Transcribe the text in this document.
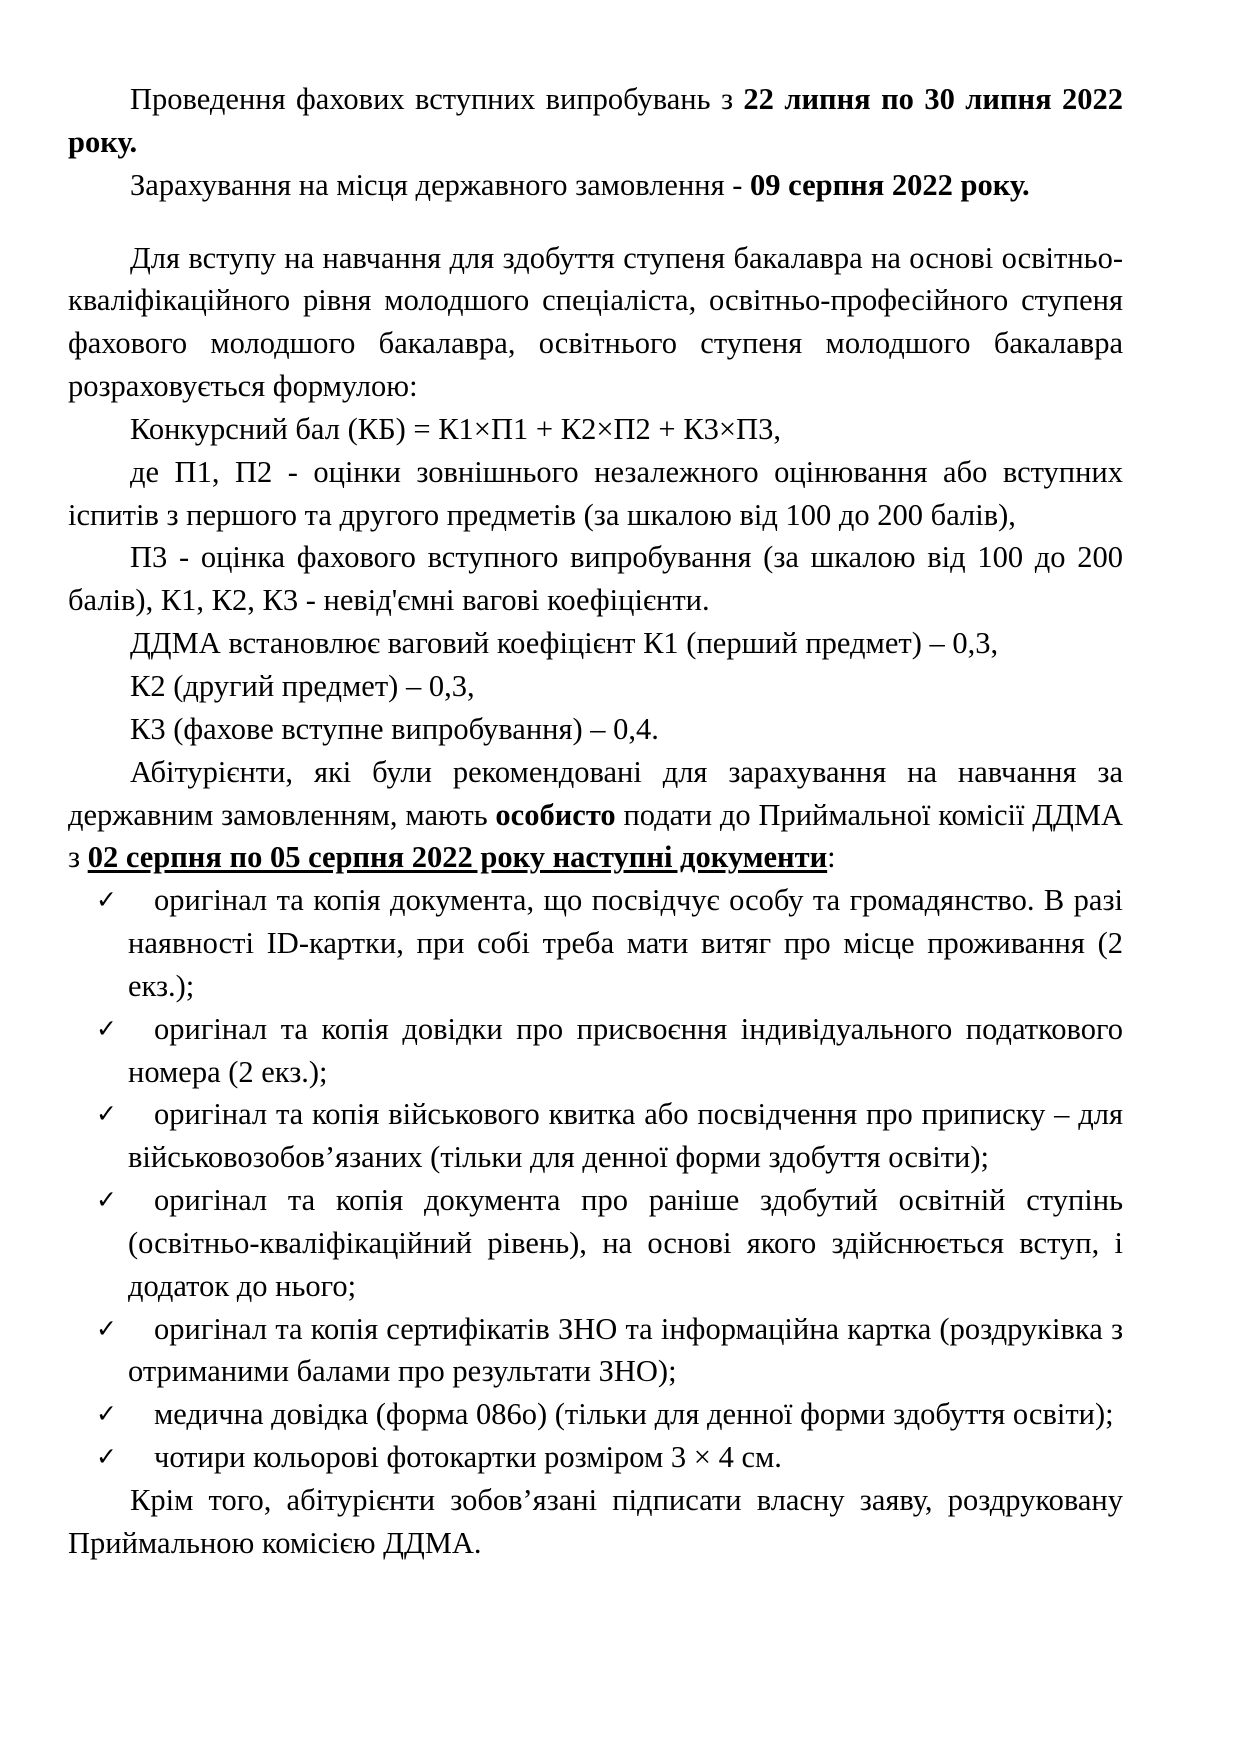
Проведення фахових вступних випробувань з 22 липня по 30 липня 2022 року.

Зарахування на місця державного замовлення - 09 серпня 2022 року.

Для вступу на навчання для здобуття ступеня бакалавра на основі освітньо-кваліфікаційного рівня молодшого спеціаліста, освітньо-професійного ступеня фахового молодшого бакалавра, освітнього ступеня молодшого бакалавра розраховується формулою:

Конкурсний бал (КБ) = К1×П1 + К2×П2 + К3×П3,

де П1, П2 - оцінки зовнішнього незалежного оцінювання або вступних іспитів з першого та другого предметів (за шкалою від 100 до 200 балів),

П3 - оцінка фахового вступного випробування (за шкалою від 100 до 200 балів), К1, К2, К3 - невід'ємні вагові коефіцієнти.

ДДМА встановлює ваговий коефіцієнт К1 (перший предмет) – 0,3,

К2 (другий предмет) – 0,3,

К3 (фахове вступне випробування) – 0,4.

Абітурієнти, які були рекомендовані для зарахування на навчання за державним замовленням, мають особисто подати до Приймальної комісії ДДМА з 02 серпня по 05 серпня 2022 року наступні документи:

✓ оригінал та копія документа, що посвідчує особу та громадянство. В разі наявності ID-картки, при собі треба мати витяг про місце проживання (2 екз.);
✓ оригінал та копія довідки про присвоєння індивідуального податкового номера (2 екз.);
✓ оригінал та копія військового квитка або посвідчення про приписку – для військовозобов’язаних (тільки для денної форми здобуття освіти);
✓ оригінал та копія документа про раніше здобутий освітній ступінь (освітньо-кваліфікаційний рівень), на основі якого здійснюється вступ, і додаток до нього;
✓ оригінал та копія сертифікатів ЗНО та інформаційна картка (роздруківка з отриманими балами про результати ЗНО);
✓ медична довідка (форма 086о) (тільки для денної форми здобуття освіти);
✓ чотири кольорові фотокартки розміром 3 × 4 см.

Крім того, абітурієнти зобов’язані підписати власну заяву, роздруковану Приймальною комісією ДДМА.
